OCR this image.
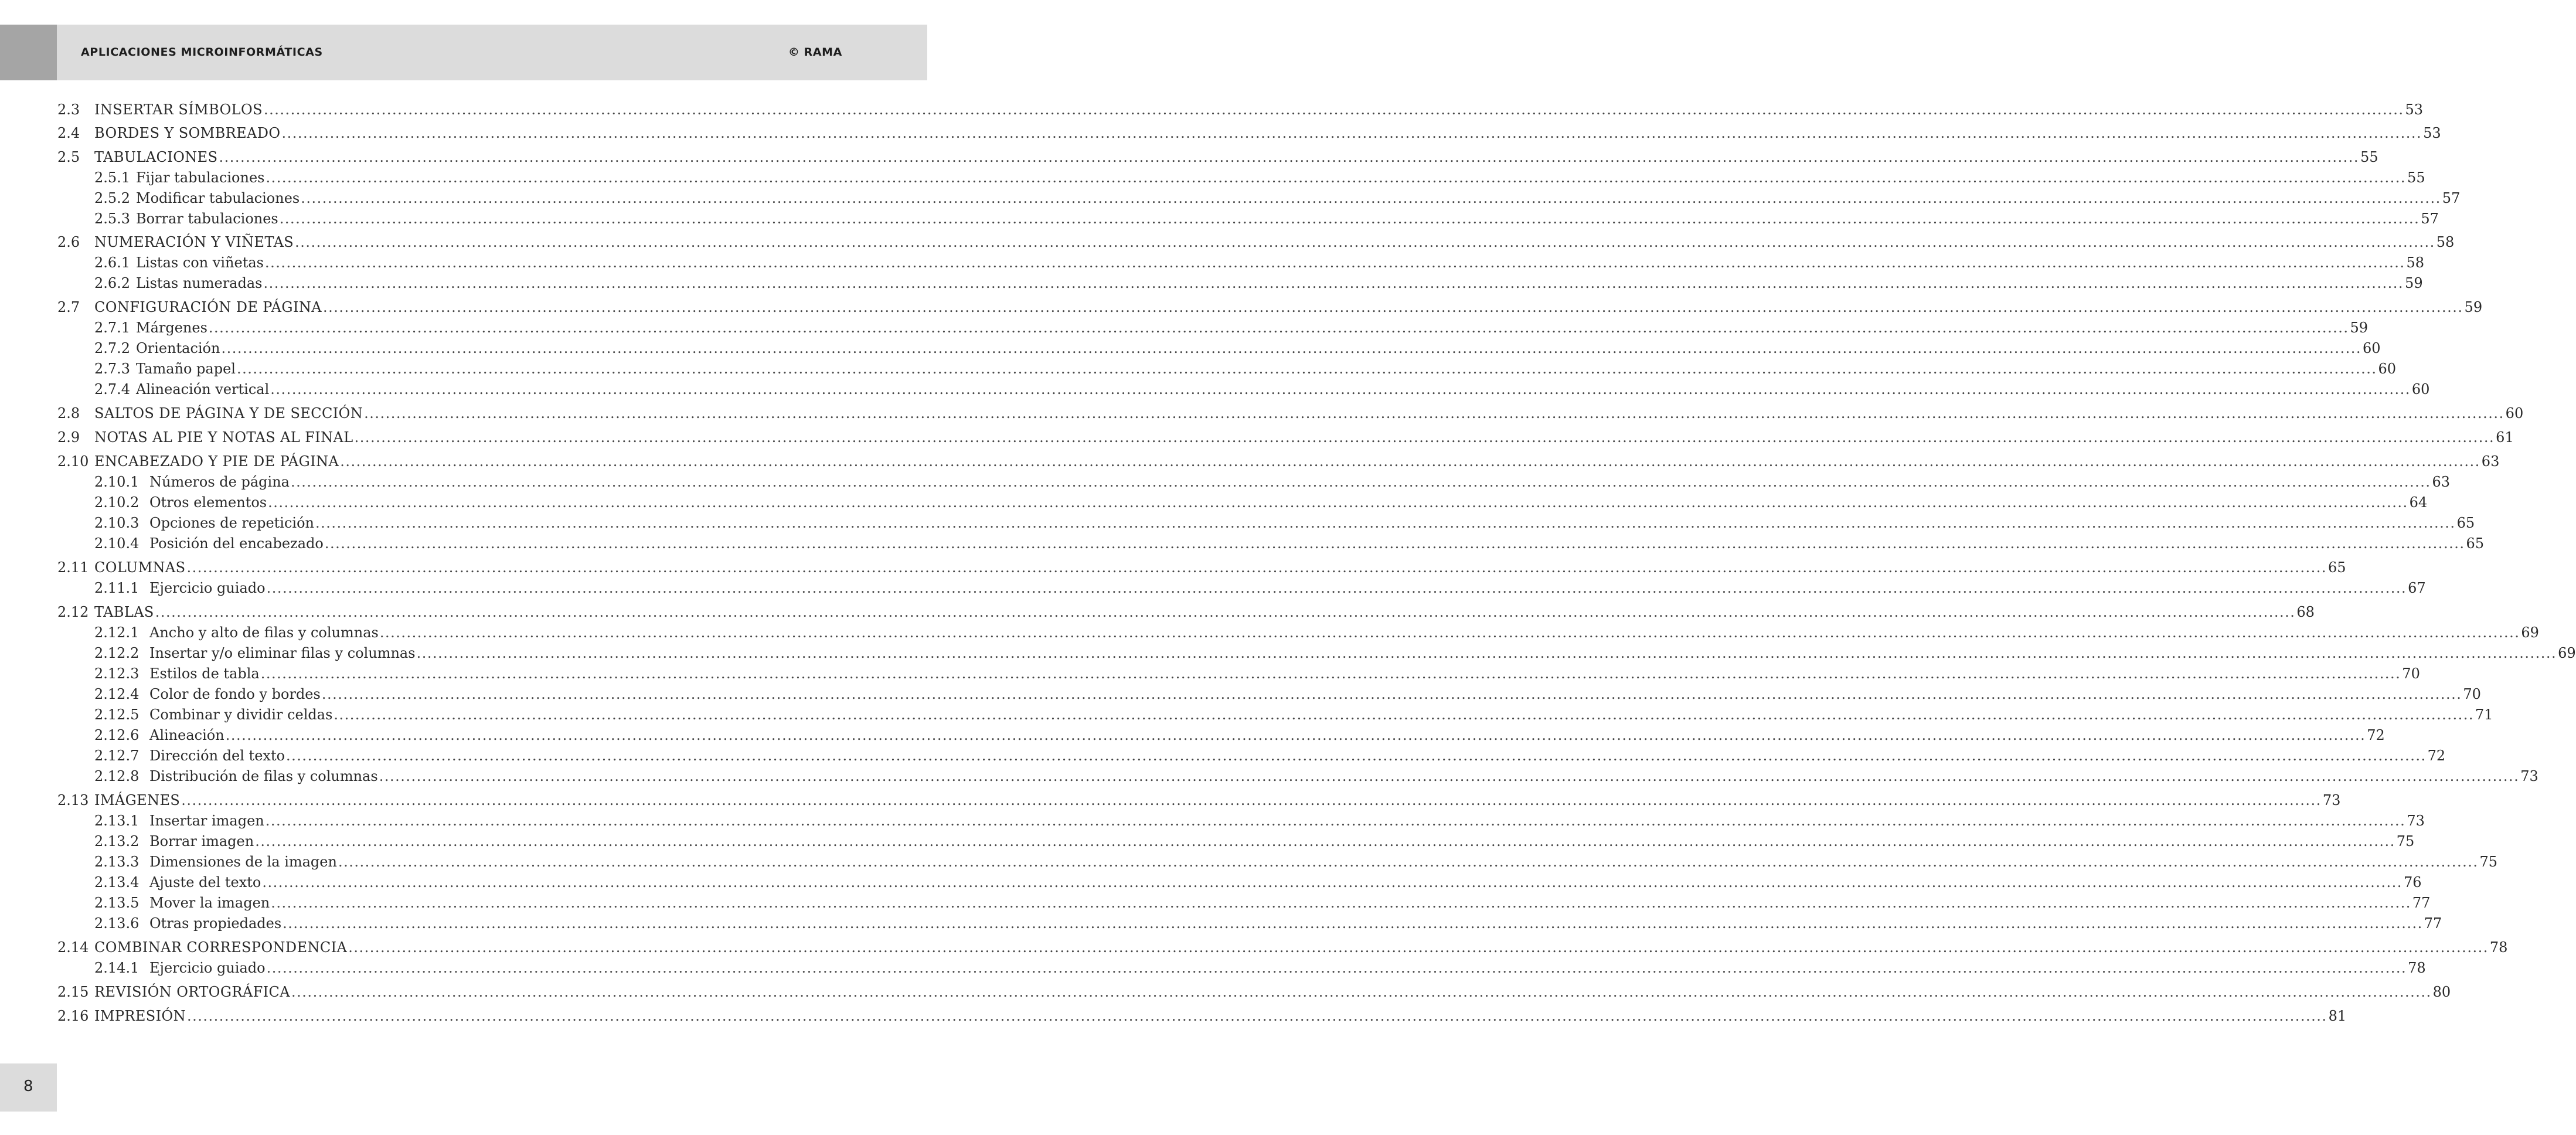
APLICACIONES MICROINFORMÁTICAS	© RAMA
2.3 INSERTAR SÍMBOLOS ................................................................................................................................................................................................................................................................................................................................................................................................................ 53
2.4 BORDES Y SOMBREADO ................................................................................................................................................................................................................................................................................................................................................................................................................ 53
2.5 TABULACIONES ................................................................................................................................................................................................................................................................................................................................................................................................................ 55
2.5.1 Fijar tabulaciones ................................................................................................................................................................................................................................................................................................................................................................................................................ 55
2.5.2 Modificar tabulaciones ................................................................................................................................................................................................................................................................................................................................................................................................................ 57
2.5.3 Borrar tabulaciones ................................................................................................................................................................................................................................................................................................................................................................................................................ 57
2.6 NUMERACIÓN Y VIÑETAS ................................................................................................................................................................................................................................................................................................................................................................................................................ 58
2.6.1 Listas con viñetas ................................................................................................................................................................................................................................................................................................................................................................................................................ 58
2.6.2 Listas numeradas ................................................................................................................................................................................................................................................................................................................................................................................................................ 59
2.7 CONFIGURACIÓN DE PÁGINA ................................................................................................................................................................................................................................................................................................................................................................................................................ 59
2.7.1 Márgenes ................................................................................................................................................................................................................................................................................................................................................................................................................ 59
2.7.2 Orientación ................................................................................................................................................................................................................................................................................................................................................................................................................ 60
2.7.3 Tamaño papel ................................................................................................................................................................................................................................................................................................................................................................................................................ 60
2.7.4 Alineación vertical ................................................................................................................................................................................................................................................................................................................................................................................................................ 60
2.8 SALTOS DE PÁGINA Y DE SECCIÓN ................................................................................................................................................................................................................................................................................................................................................................................................................ 60
2.9 NOTAS AL PIE Y NOTAS AL FINAL ................................................................................................................................................................................................................................................................................................................................................................................................................ 61
2.10 ENCABEZADO Y PIE DE PÁGINA ................................................................................................................................................................................................................................................................................................................................................................................................................ 63
2.10.1 Números de página ................................................................................................................................................................................................................................................................................................................................................................................................................ 63
2.10.2 Otros elementos ................................................................................................................................................................................................................................................................................................................................................................................................................ 64
2.10.3 Opciones de repetición ................................................................................................................................................................................................................................................................................................................................................................................................................ 65
2.10.4 Posición del encabezado ................................................................................................................................................................................................................................................................................................................................................................................................................ 65
2.11 COLUMNAS ................................................................................................................................................................................................................................................................................................................................................................................................................ 65
2.11.1 Ejercicio guiado ................................................................................................................................................................................................................................................................................................................................................................................................................ 67
2.12 TABLAS ................................................................................................................................................................................................................................................................................................................................................................................................................ 68
2.12.1 Ancho y alto de filas y columnas ................................................................................................................................................................................................................................................................................................................................................................................................................ 69
2.12.2 Insertar y/o eliminar filas y columnas ................................................................................................................................................................................................................................................................................................................................................................................................................ 69
2.12.3 Estilos de tabla ................................................................................................................................................................................................................................................................................................................................................................................................................ 70
2.12.4 Color de fondo y bordes ................................................................................................................................................................................................................................................................................................................................................................................................................ 70
2.12.5 Combinar y dividir celdas ................................................................................................................................................................................................................................................................................................................................................................................................................ 71
2.12.6 Alineación ................................................................................................................................................................................................................................................................................................................................................................................................................ 72
2.12.7 Dirección del texto ................................................................................................................................................................................................................................................................................................................................................................................................................ 72
2.12.8 Distribución de filas y columnas ................................................................................................................................................................................................................................................................................................................................................................................................................ 73
2.13 IMÁGENES ................................................................................................................................................................................................................................................................................................................................................................................................................ 73
2.13.1 Insertar imagen ................................................................................................................................................................................................................................................................................................................................................................................................................ 73
2.13.2 Borrar imagen ................................................................................................................................................................................................................................................................................................................................................................................................................ 75
2.13.3 Dimensiones de la imagen ................................................................................................................................................................................................................................................................................................................................................................................................................ 75
2.13.4 Ajuste del texto ................................................................................................................................................................................................................................................................................................................................................................................................................ 76
2.13.5 Mover la imagen ................................................................................................................................................................................................................................................................................................................................................................................................................ 77
2.13.6 Otras propiedades ................................................................................................................................................................................................................................................................................................................................................................................................................ 77
2.14 COMBINAR CORRESPONDENCIA ................................................................................................................................................................................................................................................................................................................................................................................................................ 78
2.14.1 Ejercicio guiado ................................................................................................................................................................................................................................................................................................................................................................................................................ 78
2.15 REVISIÓN ORTOGRÁFICA ................................................................................................................................................................................................................................................................................................................................................................................................................ 80
2.16 IMPRESIÓN ................................................................................................................................................................................................................................................................................................................................................................................................................ 81
8
